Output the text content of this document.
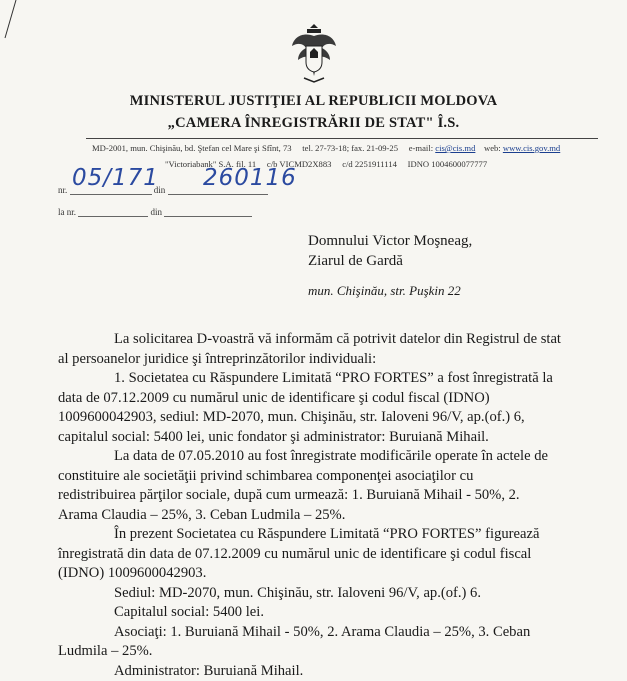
MINISTERUL JUSTIŢIEI AL REPUBLICII MOLDOVA
„CAMERA ÎNREGISTRĂRII DE STAT" Î.S.
MD-2001, mun. Chişinău, bd. Ştefan cel Mare şi Sfînt, 73 tel. 27-73-18; fax. 21-09-25 e-mail: cis@cis.md web: www.cis.gov.md
"Victoriabank" S.A. fil. 11 c/b VICMD2X883 c/d 2251911114 IDNO 1004600077777
nr.	din
05/171 260116
la nr.	din
Domnului Victor Moşneag,
Ziarul de Gardă
mun. Chişinău, str. Puşkin 22

La solicitarea D-voastră vă informăm că potrivit datelor din Registrul de stat

al persoanelor juridice şi întreprinzătorilor individuali:

1. Societatea cu Răspundere Limitată “PRO FORTES” a fost înregistrată la

data de 07.12.2009 cu numărul unic de identificare şi codul fiscal (IDNO)

1009600042903, sediul: MD-2070, mun. Chişinău, str. Ialoveni 96/V, ap.(of.) 6,

capitalul social: 5400 lei, unic fondator şi administrator: Buruiană Mihail.

La data de 07.05.2010 au fost înregistrate modificările operate în actele de

constituire ale societăţii privind schimbarea componenţei asociaţilor cu

redistribuirea părţilor sociale, după cum urmează: 1. Buruiană Mihail - 50%, 2.

Arama Claudia – 25%, 3. Ceban Ludmila – 25%.

În prezent Societatea cu Răspundere Limitată “PRO FORTES” figurează

înregistrată din data de 07.12.2009 cu numărul unic de identificare şi codul fiscal

(IDNO) 1009600042903.

Sediul: MD-2070, mun. Chişinău, str. Ialoveni 96/V, ap.(of.) 6.

Capitalul social: 5400 lei.

Asociaţi: 1. Buruiană Mihail - 50%, 2. Arama Claudia – 25%, 3. Ceban

Ludmila – 25%.

Administrator: Buruiană Mihail.
